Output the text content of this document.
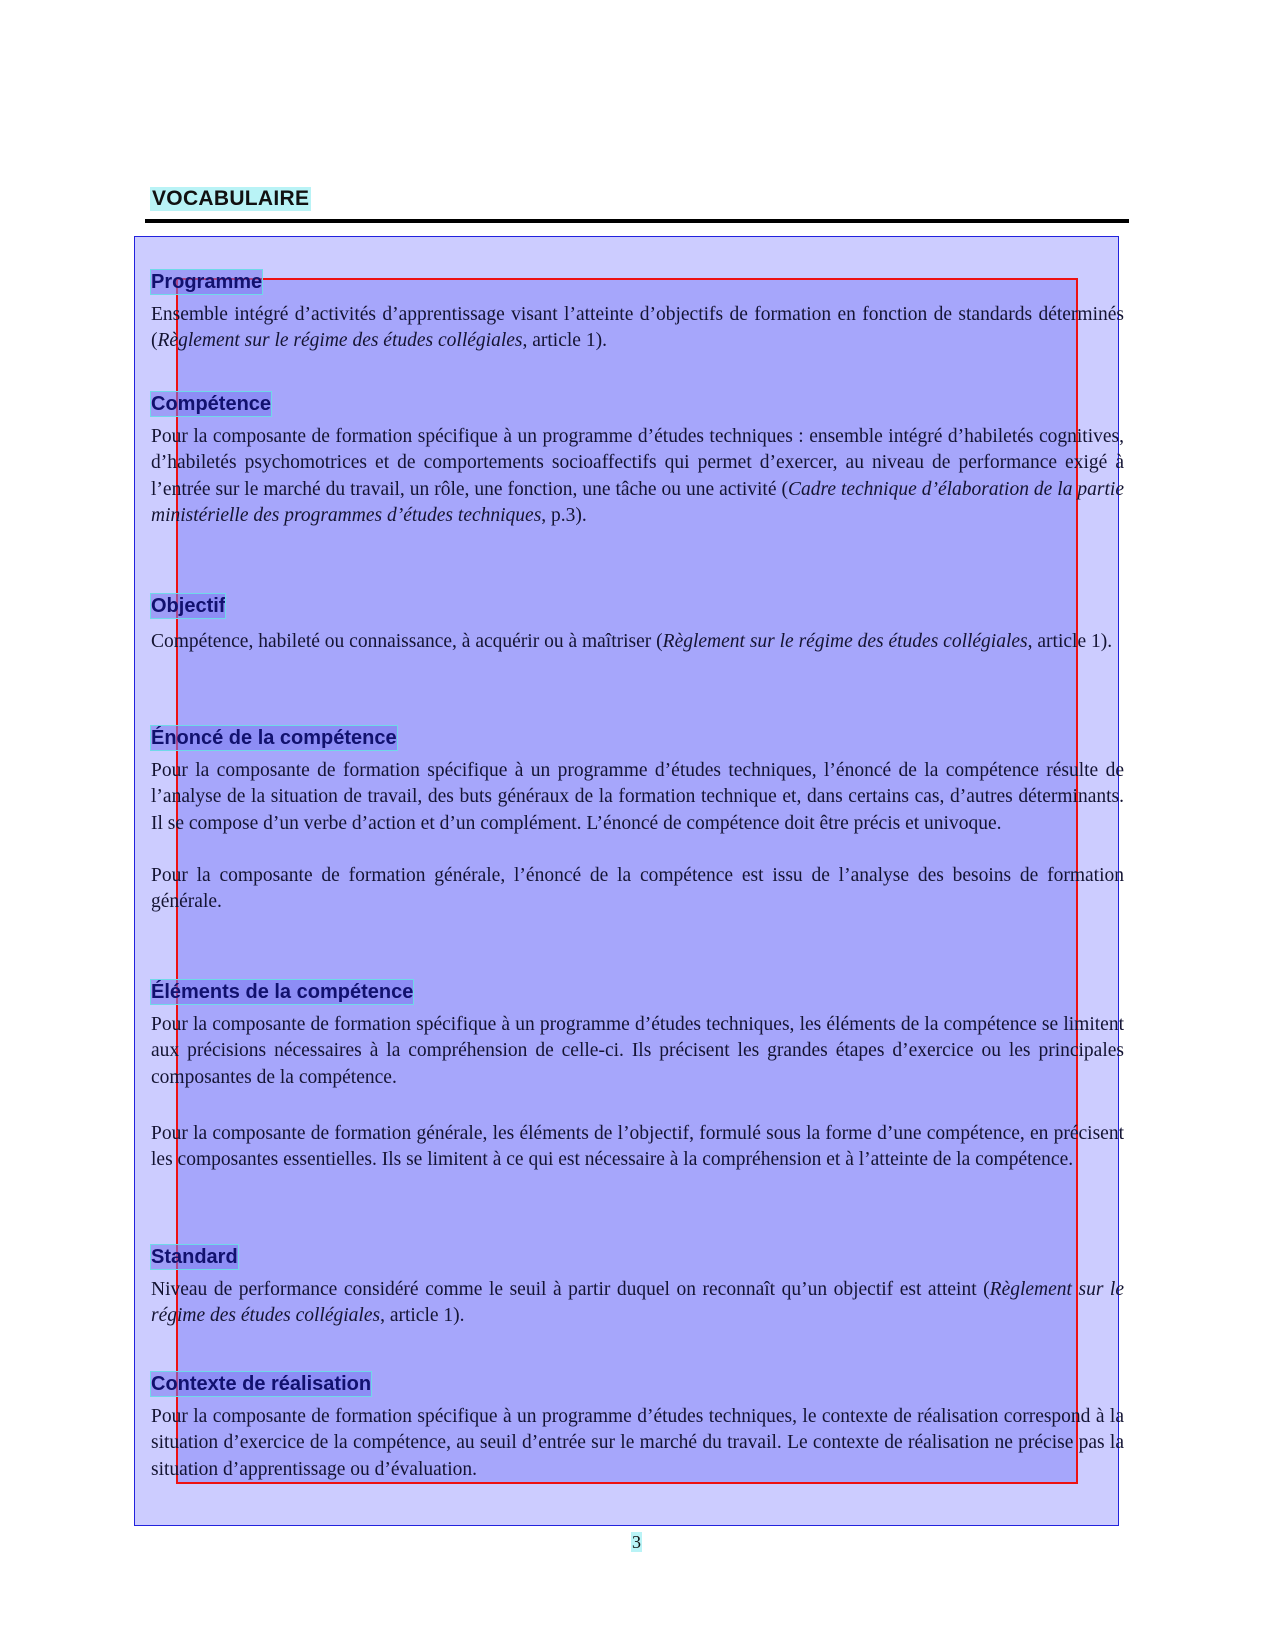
VOCABULAIRE
Programme

Ensemble intégré d’activités d’apprentissage visant l’atteinte d’objectifs de formation en fonction de standards déterminés (Règlement sur le régime des études collégiales, article 1).

Compétence

Pour la composante de formation spécifique à un programme d’études techniques : ensemble intégré d’habiletés cognitives, d’habiletés psychomotrices et de comportements socioaffectifs qui permet d’exercer, au niveau de performance exigé à l’entrée sur le marché du travail, un rôle, une fonction, une tâche ou une activité (Cadre technique d’élaboration de la partie ministérielle des programmes d’études techniques, p.3).

Objectif

Compétence, habileté ou connaissance, à acquérir ou à maîtriser (Règlement sur le régime des études collégiales, article 1).

Énoncé de la compétence

Pour la composante de formation spécifique à un programme d’études techniques, l’énoncé de la compétence résulte de l’analyse de la situation de travail, des buts généraux de la formation technique et, dans certains cas, d’autres déterminants. Il se compose d’un verbe d’action et d’un complément. L’énoncé de compétence doit être précis et univoque.

Pour la composante de formation générale, l’énoncé de la compétence est issu de l’analyse des besoins de formation générale.

Éléments de la compétence

Pour la composante de formation spécifique à un programme d’études techniques, les éléments de la compétence se limitent aux précisions nécessaires à la compréhension de celle-ci. Ils précisent les grandes étapes d’exercice ou les principales composantes de la compétence.

Pour la composante de formation générale, les éléments de l’objectif, formulé sous la forme d’une compétence, en précisent les composantes essentielles. Ils se limitent à ce qui est nécessaire à la compréhension et à l’atteinte de la compétence.

Standard

Niveau de performance considéré comme le seuil à partir duquel on reconnaît qu’un objectif est atteint (Règlement sur le régime des études collégiales, article 1).

Contexte de réalisation

Pour la composante de formation spécifique à un programme d’études techniques, le contexte de réalisation correspond à la situation d’exercice de la compétence, au seuil d’entrée sur le marché du travail. Le contexte de réalisation ne précise pas la situation d’apprentissage ou d’évaluation.

3
